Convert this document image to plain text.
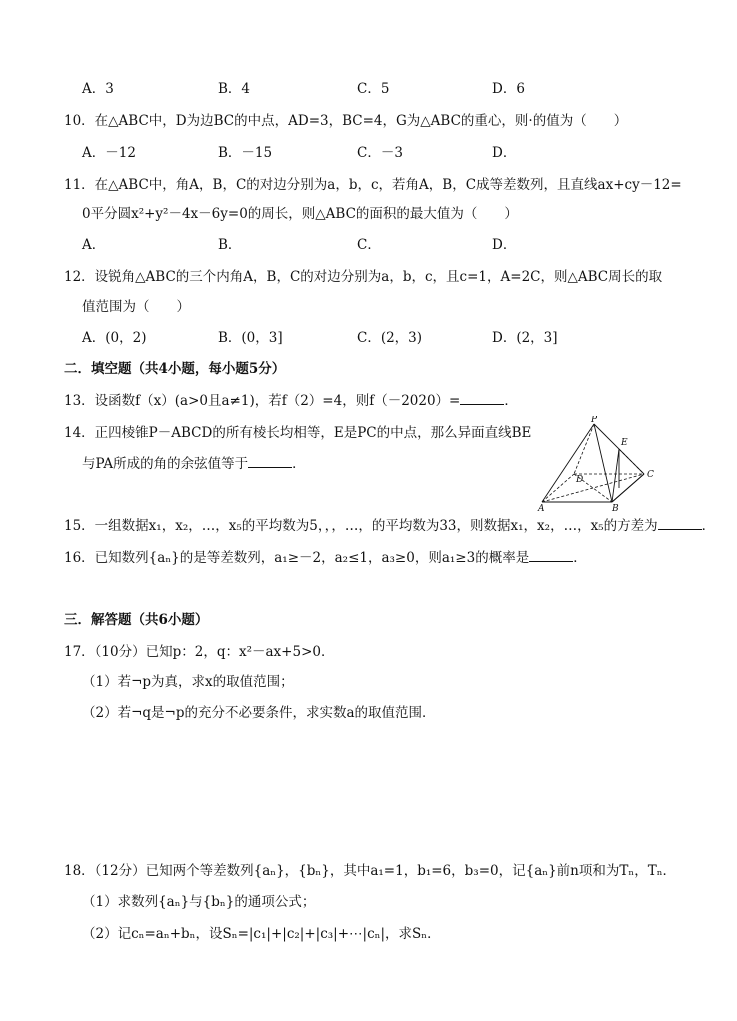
A．3	B．4	C．5	D．6
10．在△ABC中，D为边BC的中点，AD=3，BC=4，G为△ABC的重心，则·的值为（　　）
A．－12	B．－15	C．－3	D．
11．在△ABC中，角A，B，C的对边分别为a，b，c，若角A，B，C成等差数列，且直线ax+cy－12=
0平分圆x²+y²－4x－6y=0的周长，则△ABC的面积的最大值为（　　）
A．	B．	C．	D．
12．设锐角△ABC的三个内角A，B，C的对边分别为a，b，c，且c=1，A=2C，则△ABC周长的取
值范围为（　　）
A．(0，2)	B．(0，3]	C．(2，3)	D．(2，3]
二．填空题（共4小题，每小题5分）
13．设函数f（x）(a>0且a≠1)，若f（2）=4，则f（－2020）=	．
14．正四棱锥P－ABCD的所有棱长均相等，E是PC的中点，那么异面直线BE
与PA所成的角的余弦值等于	．
P
E
D	C
A	B
15．一组数据x₁，x₂，…，x₅的平均数为5，，，…，的平均数为33，则数据x₁，x₂，…，x₅的方差为	．
16．已知数列{aₙ}的是等差数列，a₁≥－2，a₂≤1，a₃≥0，则a₁≥3的概率是	．
三．解答题（共6小题）
17．（10分）已知p：2，q：x²－ax+5>0．
（1）若¬p为真，求x的取值范围；
（2）若¬q是¬p的充分不必要条件，求实数a的取值范围．
18．（12分）已知两个等差数列{aₙ}，{bₙ}，其中a₁=1，b₁=6，b₃=0，记{aₙ}前n项和为Tₙ，Tₙ．
（1）求数列{aₙ}与{bₙ}的通项公式；
（2）记cₙ=aₙ+bₙ，设Sₙ=|c₁|+|c₂|+|c₃|+⋯|cₙ|，求Sₙ．
